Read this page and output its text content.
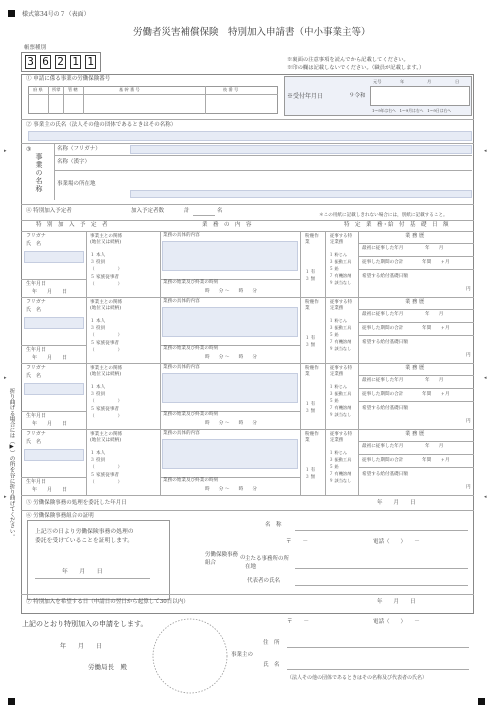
様式第34号の７（表面）
労働者災害補償保険　特別加入申請書（中小事業主等）
帳票種別
3 6 2 1 1	※裏面の注意事項を読んでから記載してください。
※印の欄は記載しないでください。（職員が記載します。）
① 申請に係る事業の労働保険番号
府 県 所掌 管 轄	基 幹 番 号	枝 番 号
※受付年月日	９令和
元号	年	月	日
1〜9年は右へ　1〜9月は右へ　1〜9日は右へ
② 事業主の氏名（法人その他の団体であるときはその名称）
③
事業の名称
名称（フリガナ）
名称（漢字）
事業場の所在地
④ 特別加入予定者	加入予定者数	計	名
＊この用紙に記載しきれない場合には，別紙に記載すること。
特　別　加　入　予　定　者	業　務　の　内　容	特　定　業　務・給　付　基　礎　日　額
フリガナ
氏　名
生年月日
年　　月　　日
事業主との関係
(地位又は続柄)
１ 本人
３ 役員
（　　　　　）
５ 家族従事者
（　　　　　）
業務の具体的内容
業務の始業及び終業の時刻
時　　分 〜　　時　　分
粉塵作業
１ 有
３ 無
従事する特定業務
１ 粉じん
３ 振動工具
５ 鉛
７ 有機溶剤
９ 該当なし
業 務 歴
最初に従事した年月	年　　月
従事した期間の合計	年間　　ヶ月
希望する給付基礎日額
円
フリガナ
氏　名
生年月日
年　　月　　日
事業主との関係
(地位又は続柄)
１ 本人
３ 役員
（　　　　　）
５ 家族従事者
（　　　　　）
業務の具体的内容
業務の始業及び終業の時刻
時　　分 〜　　時　　分
粉塵作業
１ 有
３ 無
従事する特定業務
１ 粉じん
３ 振動工具
５ 鉛
７ 有機溶剤
９ 該当なし
業 務 歴
最初に従事した年月	年　　月
従事した期間の合計	年間　　ヶ月
希望する給付基礎日額
円
フリガナ
氏　名
生年月日
年　　月　　日
事業主との関係
(地位又は続柄)
１ 本人
３ 役員
（　　　　　）
５ 家族従事者
（　　　　　）
業務の具体的内容
業務の始業及び終業の時刻
時　　分 〜　　時　　分
粉塵作業
１ 有
３ 無
従事する特定業務
１ 粉じん
３ 振動工具
５ 鉛
７ 有機溶剤
９ 該当なし
業 務 歴
最初に従事した年月	年　　月
従事した期間の合計	年間　　ヶ月
希望する給付基礎日額
円
フリガナ
氏　名
生年月日
年　　月　　日
事業主との関係
(地位又は続柄)
１ 本人
３ 役員
（　　　　　）
５ 家族従事者
（　　　　　）
業務の具体的内容
業務の始業及び終業の時刻
時　　分 〜　　時　　分
粉塵作業
１ 有
３ 無
従事する特定業務
１ 粉じん
３ 振動工具
５ 鉛
７ 有機溶剤
９ 該当なし
業 務 歴
最初に従事した年月	年　　月
従事した期間の合計	年間　　ヶ月
希望する給付基礎日額
円
⑤ 労働保険事務の処理を委託した年月日	年　　月　　日
⑥ 労働保険事務組合の証明
上記⑤の日より労働保険事務の処理の
委託を受けていることを証明します。
年　　月　　日
名　称
〒　　－	電話（　　）　　－
労働保険事務組合
の 主たる事務所の所在地
代表者の氏名
⑦ 特別加入を希望する日（申請日の翌日から起算して30日以内）	年　　月　　日
上記のとおり特別加入の申請をします。
年　　月　　日
労働局長　殿
事業主の
〒　　－	電話（　　）　　－
住　所
氏　名
（法人その他の団体であるときはその名称及び代表者の氏名）
折り曲げる場合には（▶）の所を谷に折り曲げてください。
▸
▸
▸
◂
◂
◂
